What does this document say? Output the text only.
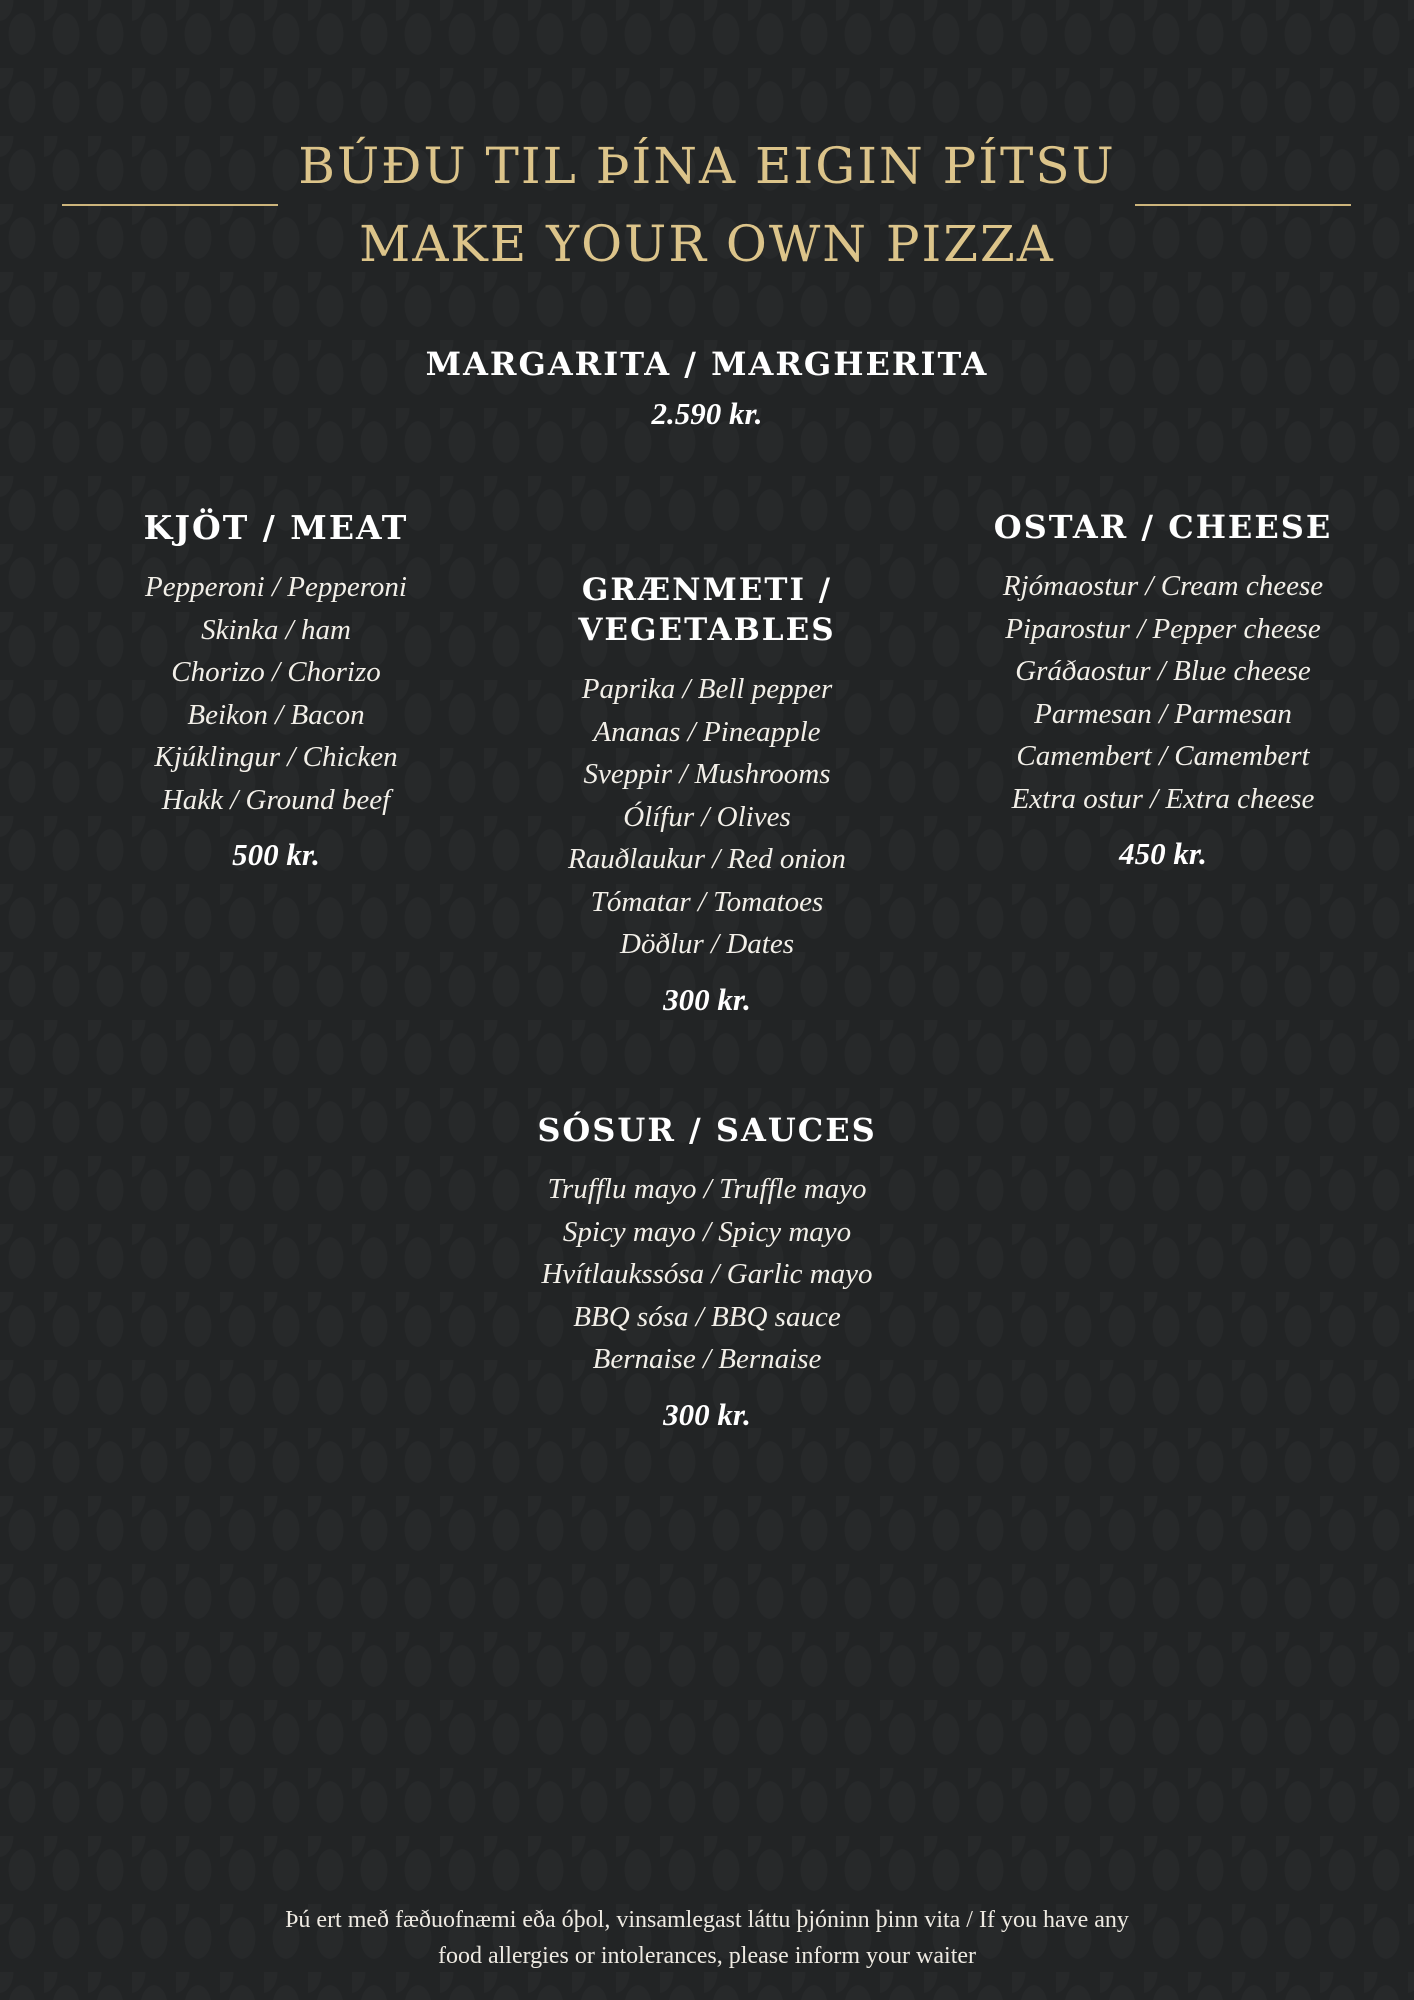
BÚÐU TIL ÞÍNA EIGIN PÍTSU
MAKE YOUR OWN PIZZA
MARGARITA / MARGHERITA
2.590 kr.
KJÖT / MEAT
Pepperoni / Pepperoni
Skinka / ham
Chorizo / Chorizo
Beikon / Bacon
Kjúklingur / Chicken
Hakk / Ground beef
500 kr.
GRÆNMETI / VEGETABLES
Paprika / Bell pepper
Ananas / Pineapple
Sveppir / Mushrooms
Ólífur / Olives
Rauðlaukur / Red onion
Tómatar / Tomatoes
Döðlur / Dates
300 kr.
OSTAR / CHEESE
Rjómaostur / Cream cheese
Piparostur / Pepper cheese
Gráðaostur / Blue cheese
Parmesan / Parmesan
Camembert / Camembert
Extra ostur / Extra cheese
450 kr.
SÓSUR / SAUCES
Trufflu mayo / Truffle mayo
Spicy mayo / Spicy mayo
Hvítlaukssósa / Garlic mayo
BBQ sósa / BBQ sauce
Bernaise / Bernaise
300 kr.
Þú ert með fæðuofnæmi eða óþol, vinsamlegast láttu þjóninn þinn vita / If you have any
food allergies or intolerances, please inform your waiter
